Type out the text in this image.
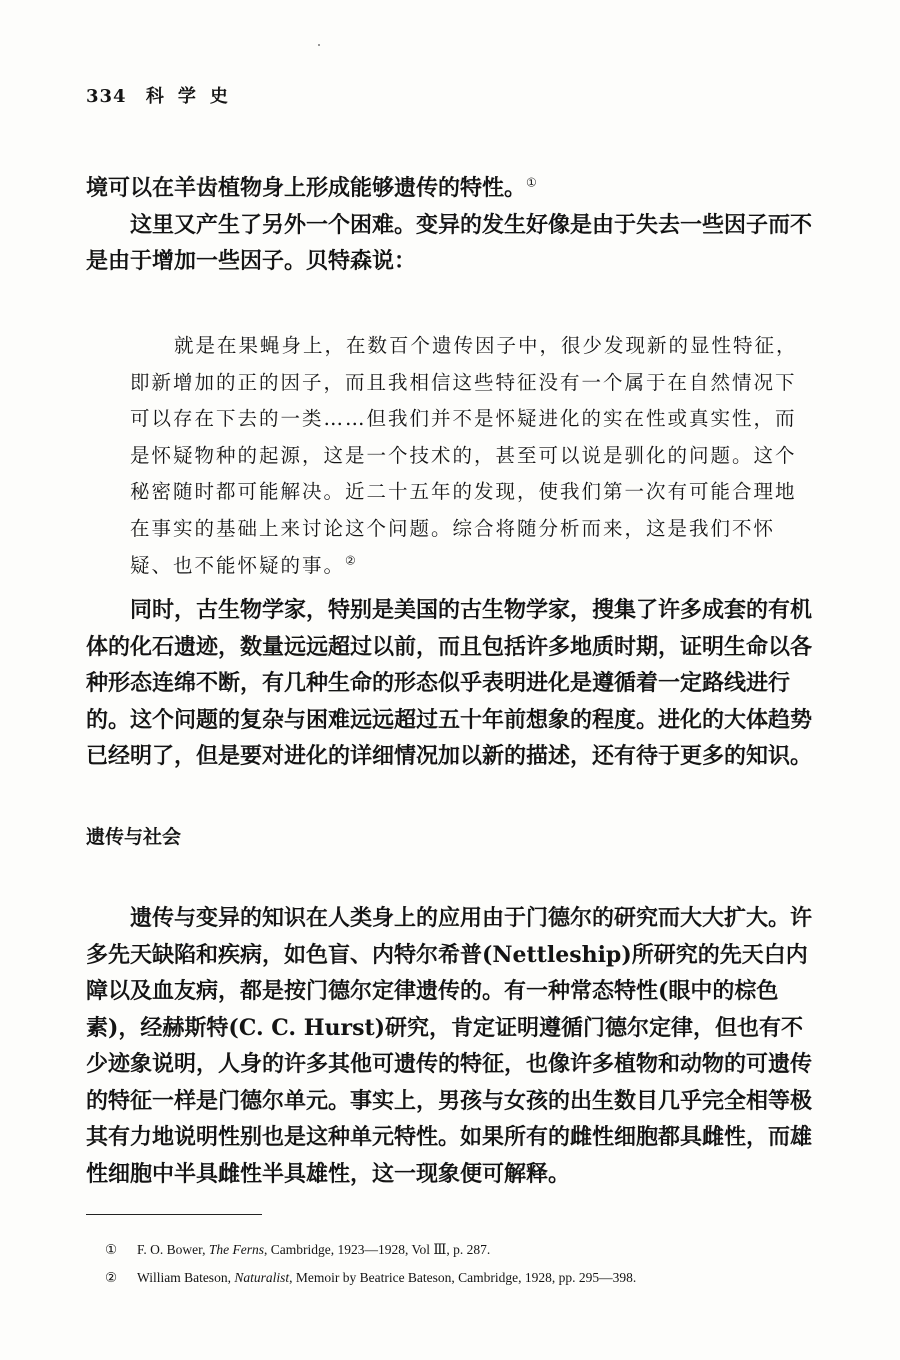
334 科学史

境可以在羊齿植物身上形成能够遗传的特性。①

这里又产生了另外一个困难。变异的发生好像是由于失去一些因子而不是由于增加一些因子。贝特森说：

就是在果蝇身上，在数百个遗传因子中，很少发现新的显性特征，即新增加的正的因子，而且我相信这些特征没有一个属于在自然情况下可以存在下去的一类……但我们并不是怀疑进化的实在性或真实性，而是怀疑物种的起源，这是一个技术的，甚至可以说是驯化的问题。这个秘密随时都可能解决。近二十五年的发现，使我们第一次有可能合理地在事实的基础上来讨论这个问题。综合将随分析而来，这是我们不怀疑、也不能怀疑的事。②

同时，古生物学家，特别是美国的古生物学家，搜集了许多成套的有机体的化石遗迹，数量远远超过以前，而且包括许多地质时期，证明生命以各种形态连绵不断，有几种生命的形态似乎表明进化是遵循着一定路线进行的。这个问题的复杂与困难远远超过五十年前想象的程度。进化的大体趋势已经明了，但是要对进化的详细情况加以新的描述，还有待于更多的知识。

遗传与社会

遗传与变异的知识在人类身上的应用由于门德尔的研究而大大扩大。许多先天缺陷和疾病，如色盲、内特尔希普(Nettleship)所研究的先天白内障以及血友病，都是按门德尔定律遗传的。有一种常态特性(眼中的棕色素)，经赫斯特(C. C. Hurst)研究，肯定证明遵循门德尔定律，但也有不少迹象说明，人身的许多其他可遗传的特征，也像许多植物和动物的可遗传的特征一样是门德尔单元。事实上，男孩与女孩的出生数目几乎完全相等极其有力地说明性别也是这种单元特性。如果所有的雌性细胞都具雌性，而雄性细胞中半具雌性半具雄性，这一现象便可解释。

① F. O. Bower, The Ferns, Cambridge, 1923—1928, Vol Ⅲ, p. 287.
② William Bateson, Naturalist, Memoir by Beatrice Bateson, Cambridge, 1928, pp. 295—398.
